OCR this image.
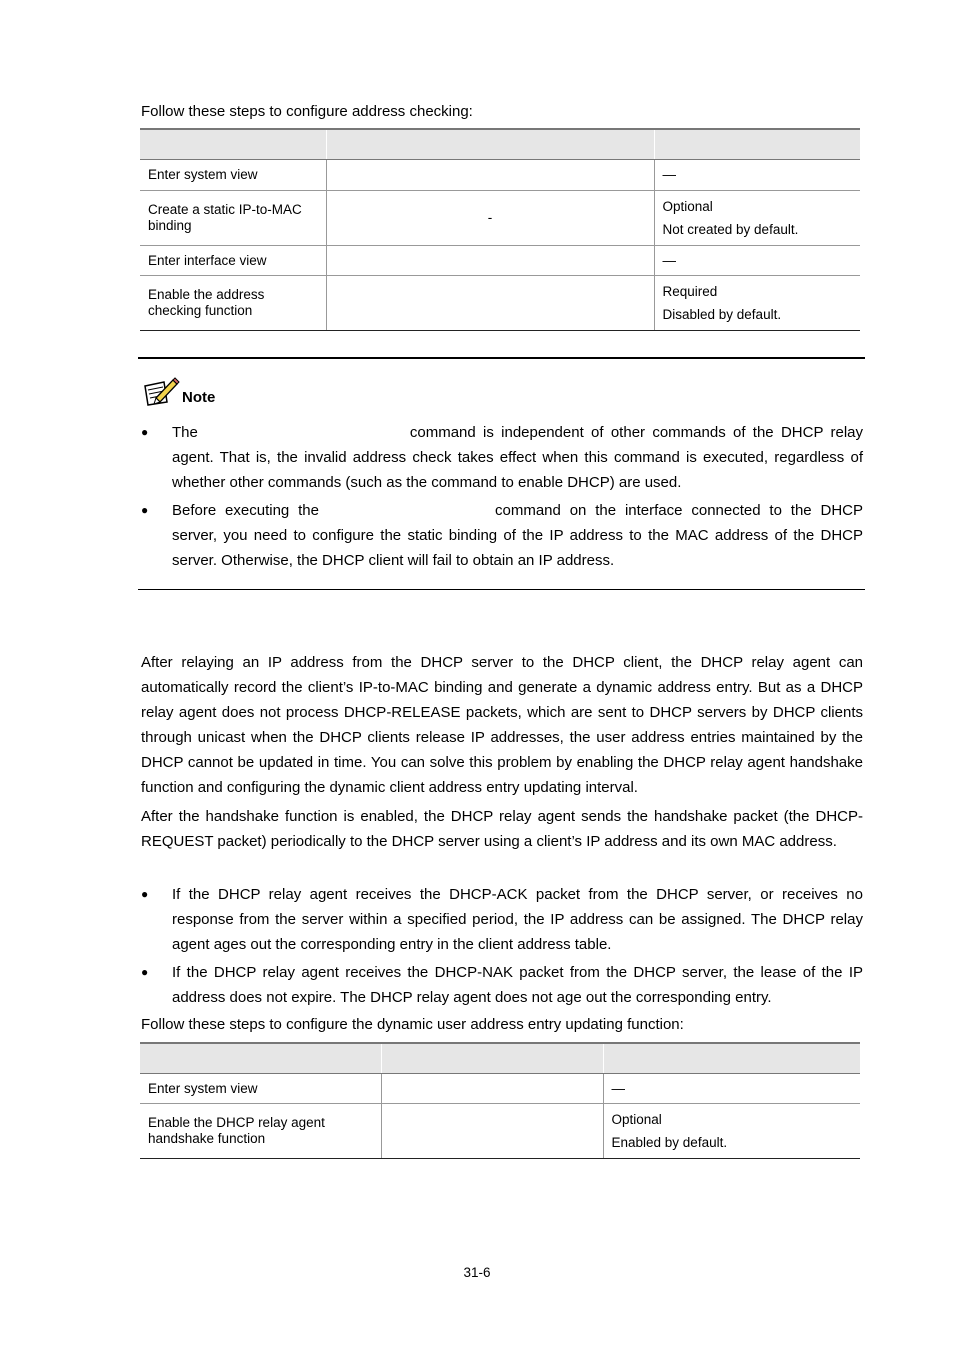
Follow these steps to configure address checking:

Enter system view		—

Create a static IP-to-MAC binding	-	Optional
Not created by default.

Enter interface view		—

Enable the address checking function		Required
Disabled by default.
Note
● The	command is independent of other commands of the DHCP relay agent. That is, the invalid address check takes effect when this command is executed, regardless of whether other commands (such as the command to enable DHCP) are used.
● Before executing the	command on the interface connected to the DHCP server, you need to configure the static binding of the IP address to the MAC address of the DHCP server. Otherwise, the DHCP client will fail to obtain an IP address.
After relaying an IP address from the DHCP server to the DHCP client, the DHCP relay agent can automatically record the client’s IP-to-MAC binding and generate a dynamic address entry. But as a DHCP relay agent does not process DHCP-RELEASE packets, which are sent to DHCP servers by DHCP clients through unicast when the DHCP clients release IP addresses, the user address entries maintained by the DHCP cannot be updated in time. You can solve this problem by enabling the DHCP relay agent handshake function and configuring the dynamic client address entry updating interval.
After the handshake function is enabled, the DHCP relay agent sends the handshake packet (the DHCP-REQUEST packet) periodically to the DHCP server using a client’s IP address and its own MAC address.
● If the DHCP relay agent receives the DHCP-ACK packet from the DHCP server, or receives no response from the server within a specified period, the IP address can be assigned. The DHCP relay agent ages out the corresponding entry in the client address table.
● If the DHCP relay agent receives the DHCP-NAK packet from the DHCP server, the lease of the IP address does not expire. The DHCP relay agent does not age out the corresponding entry.
Follow these steps to configure the dynamic user address entry updating function:

Enter system view		—

Enable the DHCP relay agent handshake function		Optional
Enabled by default.
31-6
